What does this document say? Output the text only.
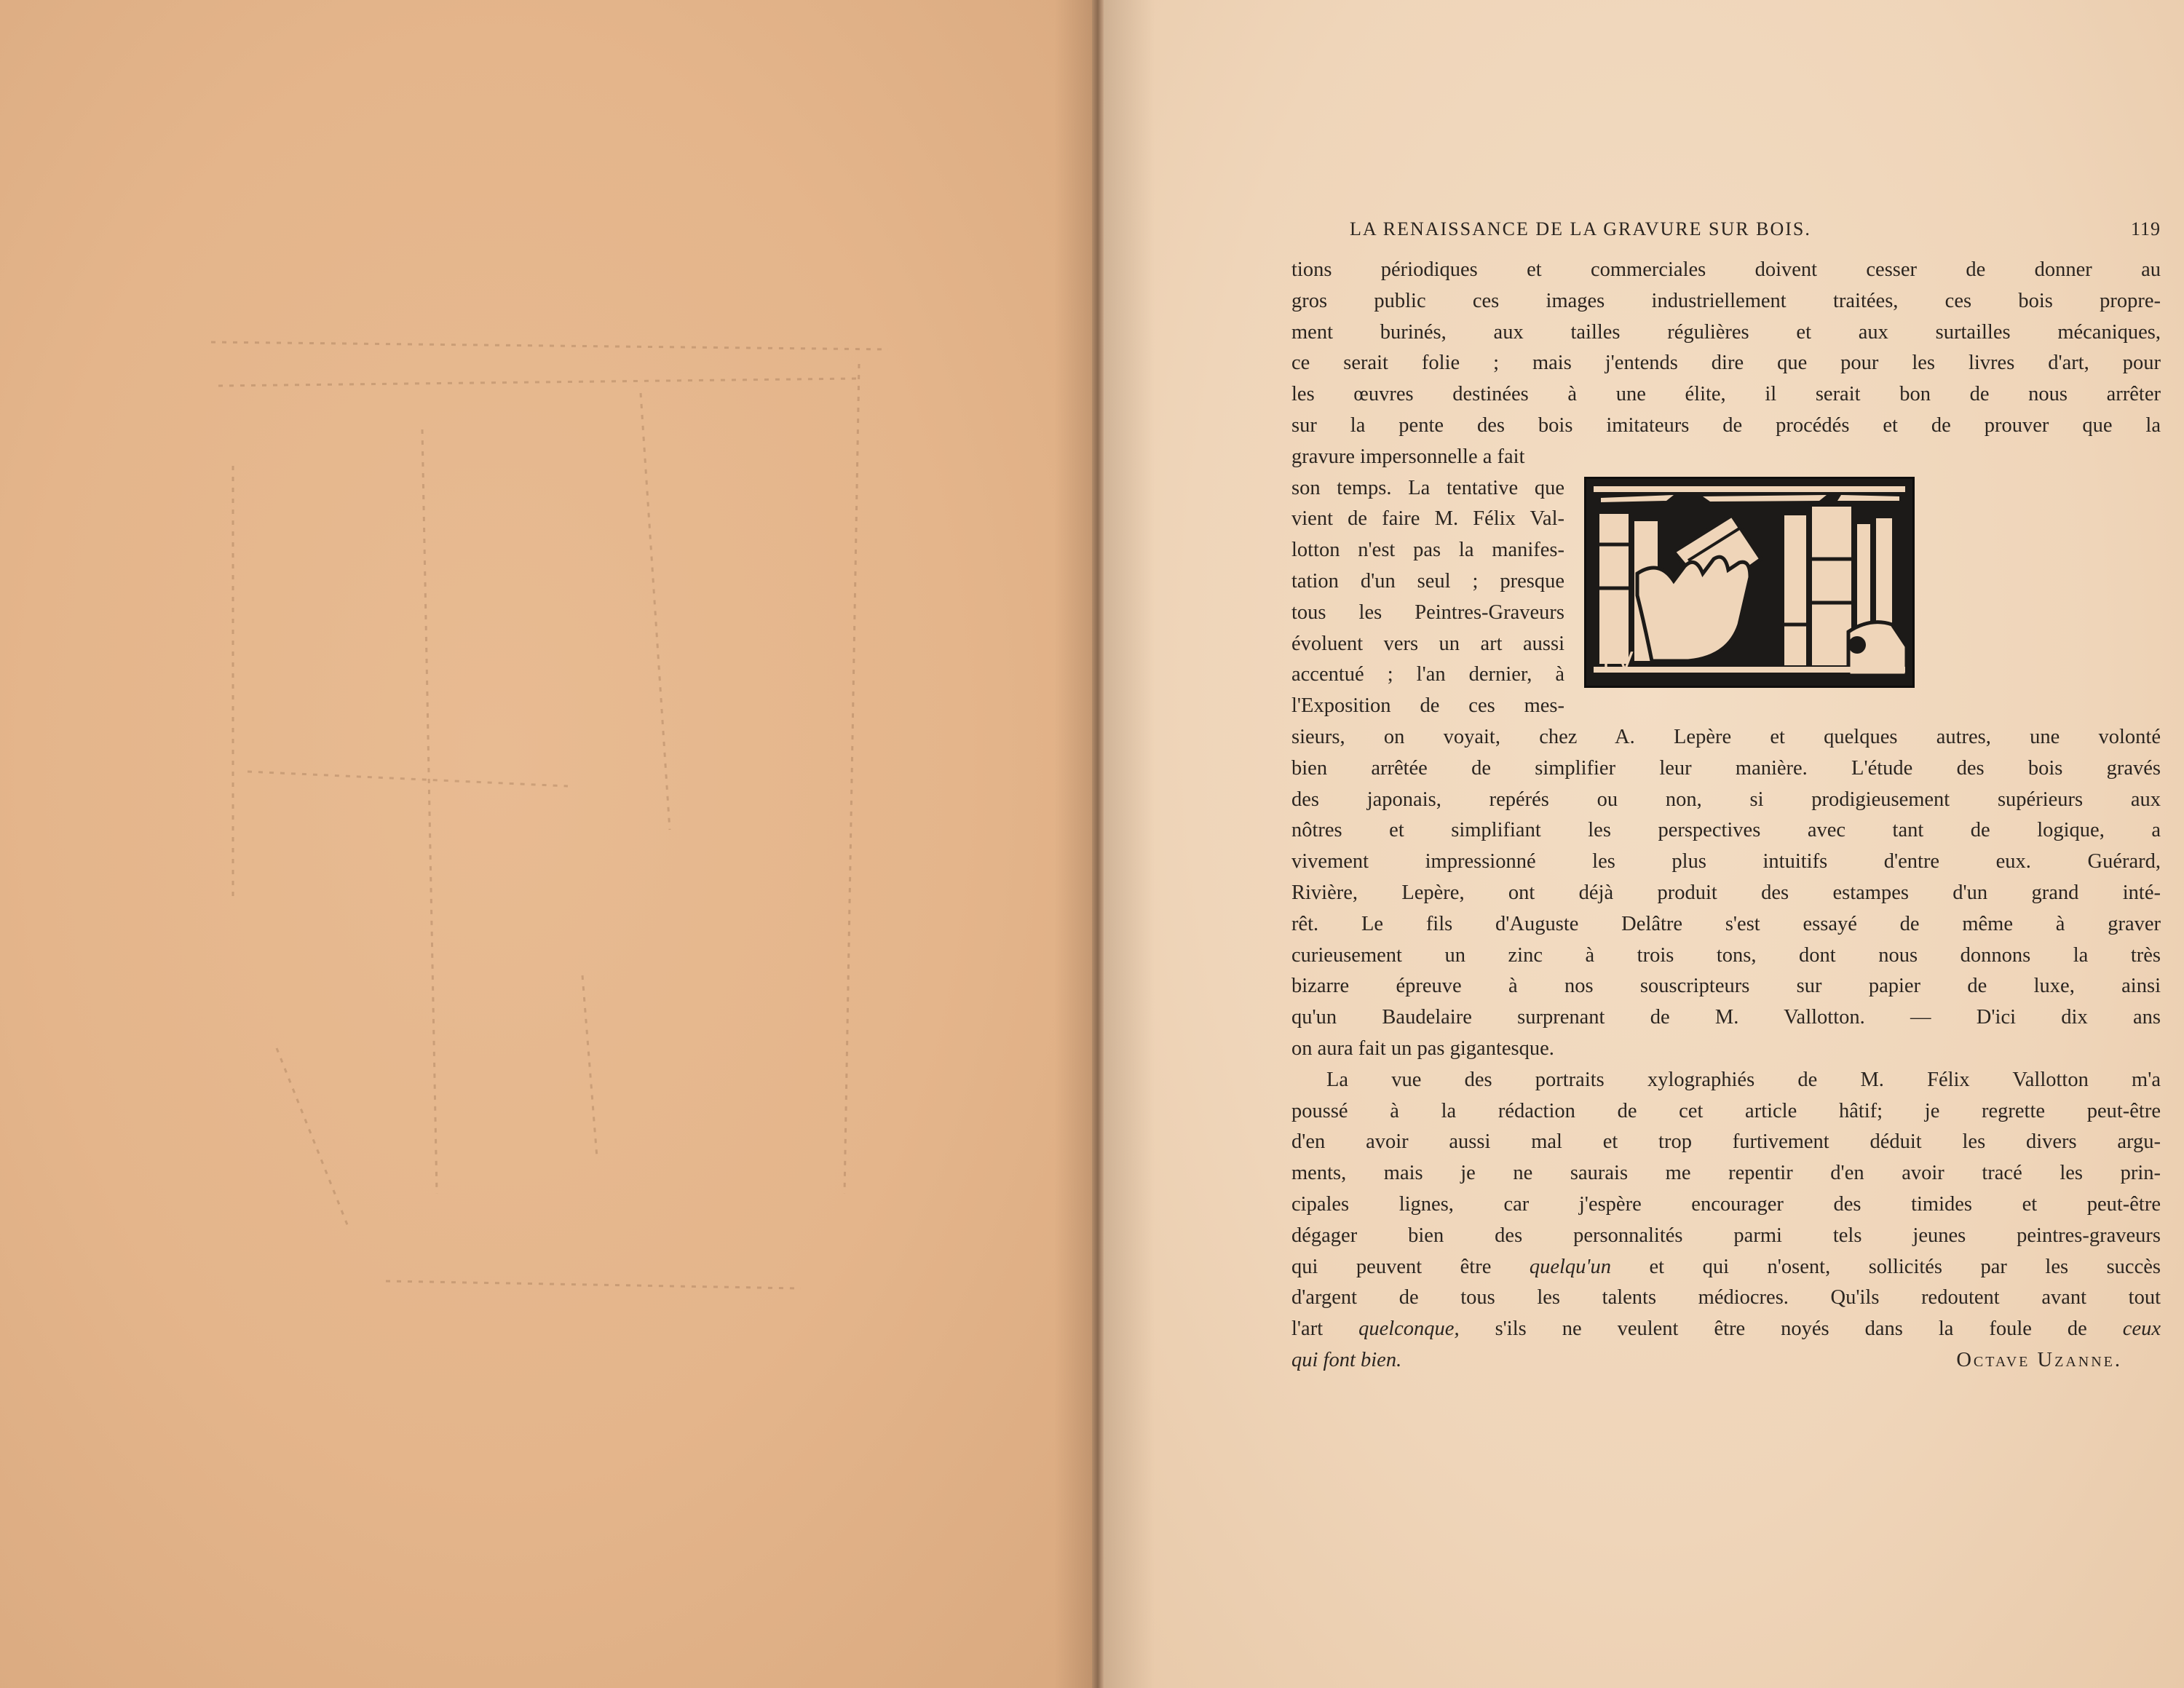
LA RENAISSANCE DE LA GRAVURE SUR BOIS.	119
tions périodiques et commerciales doivent cesser de donner au
gros public ces images industriellement traitées, ces bois propre-
ment burinés, aux tailles régulières et aux surtailles mécaniques,
ce serait folie ; mais j'entends dire que pour les livres d'art, pour
les œuvres destinées à une élite, il serait bon de nous arrêter
sur la pente des bois imitateurs de procédés et de prouver que la
gravure impersonnelle a fait
son temps. La tentative que
vient de faire M. Félix Val-
lotton n'est pas la manifes-
tation d'un seul ; presque
tous les Peintres-Graveurs
évoluent vers un art aussi
accentué ; l'an dernier, à
l'Exposition de ces mes-
sieurs, on voyait, chez A. Lepère et quelques autres, une volonté
bien arrêtée de simplifier leur manière. L'étude des bois gravés
des japonais, repérés ou non, si prodigieusement supérieurs aux
nôtres et simplifiant les perspectives avec tant de logique, a
vivement impressionné les plus intuitifs d'entre eux. Guérard,
Rivière, Lepère, ont déjà produit des estampes d'un grand inté-
rêt. Le fils d'Auguste Delâtre s'est essayé de même à graver
curieusement un zinc à trois tons, dont nous donnons la très
bizarre épreuve à nos souscripteurs sur papier de luxe, ainsi
qu'un Baudelaire surprenant de M. Vallotton. — D'ici dix ans
on aura fait un pas gigantesque.
La vue des portraits xylographiés de M. Félix Vallotton m'a
poussé à la rédaction de cet article hâtif; je regrette peut-être
d'en avoir aussi mal et trop furtivement déduit les divers argu-
ments, mais je ne saurais me repentir d'en avoir tracé les prin-
cipales lignes, car j'espère encourager des timides et peut-être
dégager bien des personnalités parmi tels jeunes peintres-graveurs
qui peuvent être quelqu'un et qui n'osent, sollicités par les succès
d'argent de tous les talents médiocres. Qu'ils redoutent avant tout
l'art quelconque, s'ils ne veulent être noyés dans la foule de ceux
qui font bien.	Octave Uzanne.
FV
